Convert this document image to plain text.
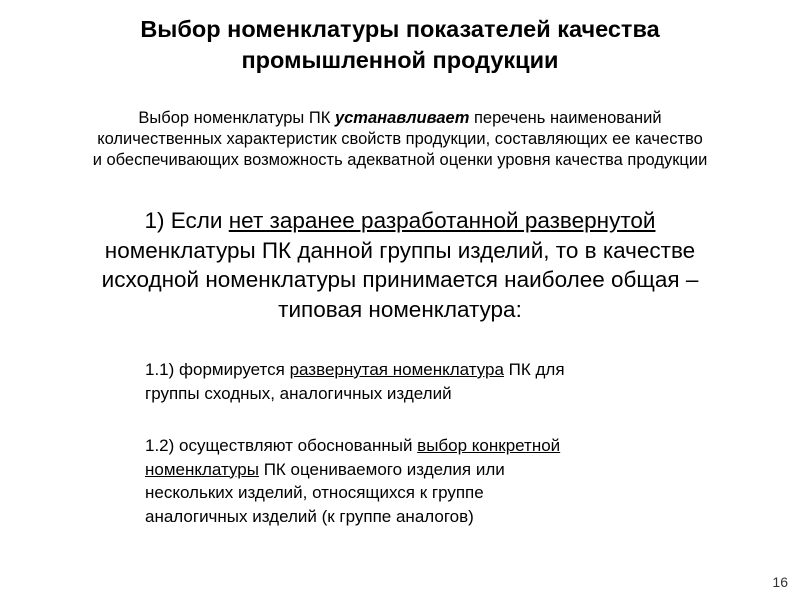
Выбор номенклатуры показателей качества
промышленной продукции
Выбор номенклатуры ПК устанавливает перечень наименований
количественных характеристик свойств продукции, составляющих ее качество
и обеспечивающих возможность адекватной оценки уровня качества продукции
1) Если нет заранее разработанной развернутой
номенклатуры ПК данной группы изделий, то в качестве
исходной номенклатуры принимается наиболее общая –
типовая номенклатура:
1.1) формируется развернутая номенклатура ПК для
группы сходных, аналогичных изделий
1.2) осуществляют обоснованный выбор конкретной
номенклатуры ПК оцениваемого изделия или
нескольких изделий, относящихся к группе
аналогичных изделий (к группе аналогов)
16
